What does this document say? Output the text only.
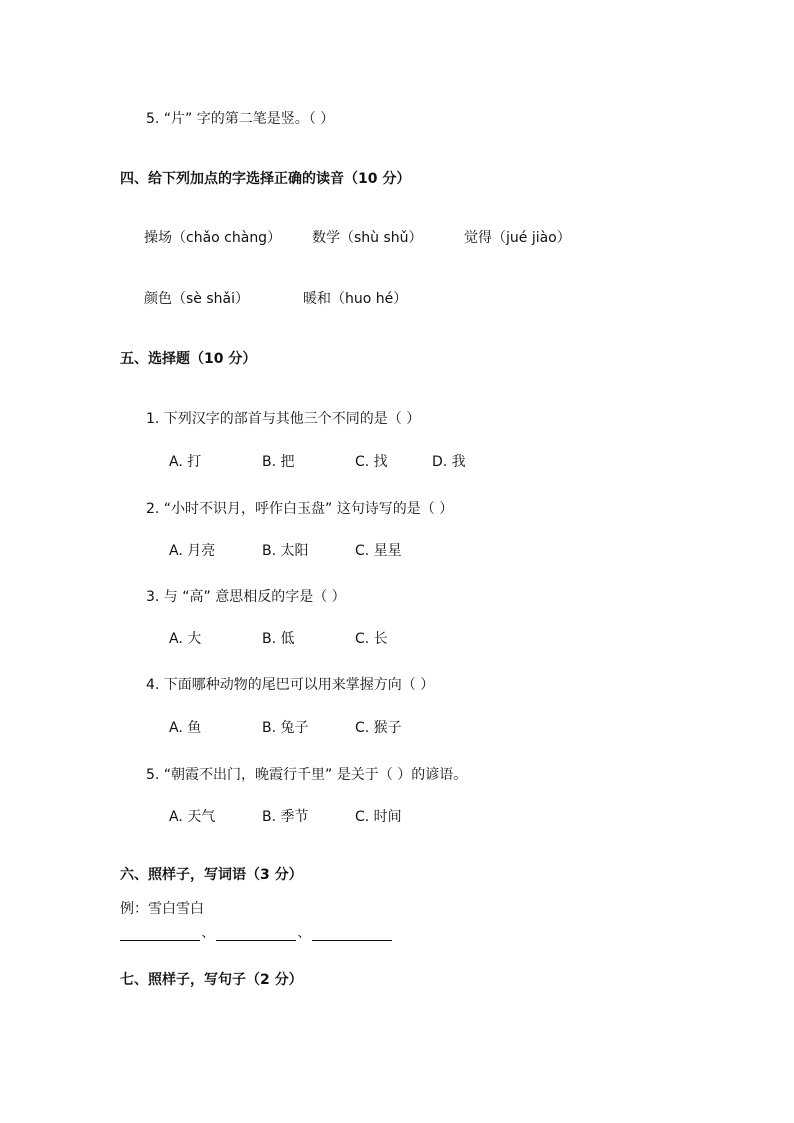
5. “片” 字的第二笔是竖。（ ）
四、给下列加点的字选择正确的读音（10 分）
操场（chǎo chàng） 数学（shù shǔ）	觉得（jué jiào）
颜色（sè shǎi）	暖和（huo hé）
五、选择题（10 分）
1. 下列汉字的部首与其他三个不同的是（ ）
A. 打	B. 把	C. 找	D. 我
2. “小时不识月，呼作白玉盘” 这句诗写的是（ ）
A. 月亮	B. 太阳	C. 星星
3. 与 “高” 意思相反的字是（ ）
A. 大	B. 低	C. 长
4. 下面哪种动物的尾巴可以用来掌握方向（ ）
A. 鱼	B. 兔子	C. 猴子
5. “朝霞不出门，晚霞行千里” 是关于（ ）的谚语。
A. 天气	B. 季节	C. 时间
六、照样子，写词语（3 分）
例：雪白雪白
、	、
七、照样子，写句子（2 分）
